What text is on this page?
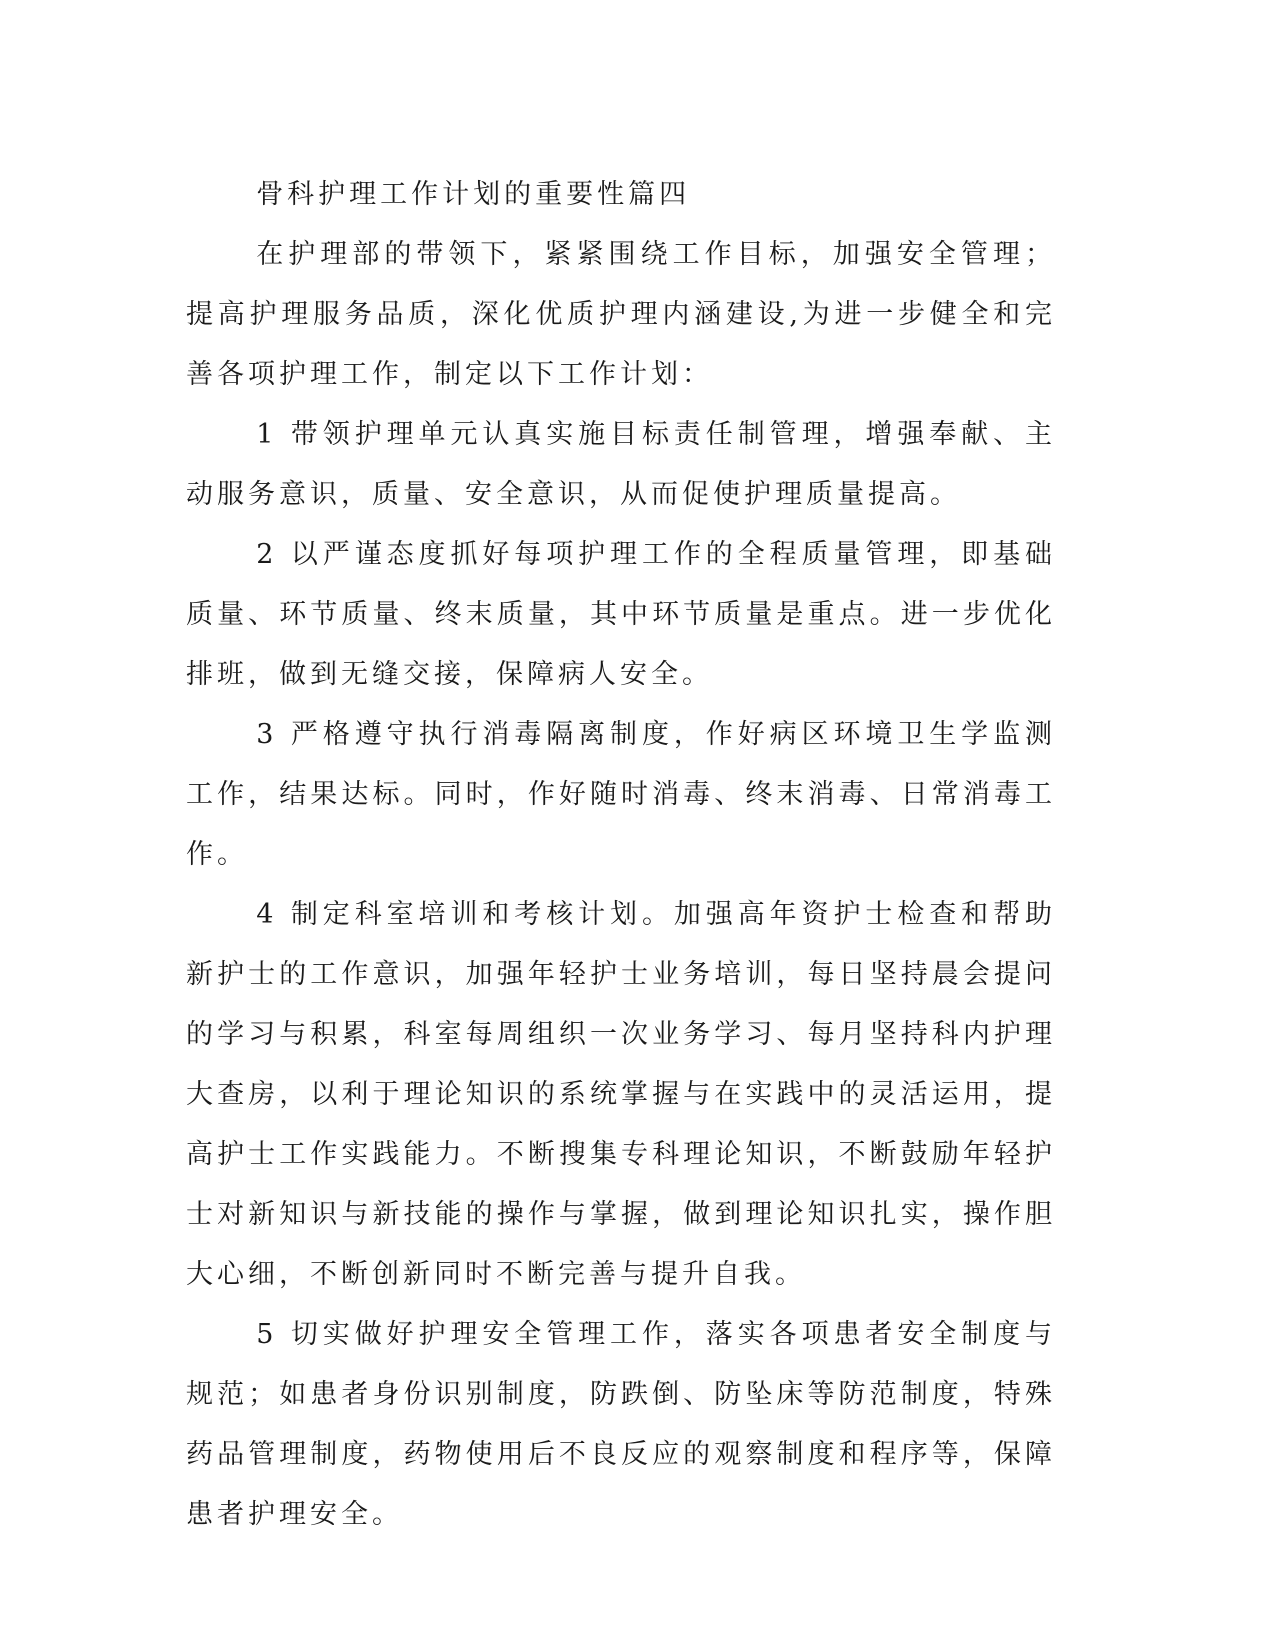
骨科护理工作计划的重要性篇四

在护理部的带领下，紧紧围绕工作目标，加强安全管理；提高护理服务品质，深化优质护理内涵建设,为进一步健全和完善各项护理工作，制定以下工作计划：

1 带领护理单元认真实施目标责任制管理，增强奉献、主动服务意识，质量、安全意识，从而促使护理质量提高。

2 以严谨态度抓好每项护理工作的全程质量管理，即基础质量、环节质量、终末质量，其中环节质量是重点。进一步优化排班，做到无缝交接，保障病人安全。

3 严格遵守执行消毒隔离制度，作好病区环境卫生学监测工作，结果达标。同时，作好随时消毒、终末消毒、日常消毒工作。

4 制定科室培训和考核计划。加强高年资护士检查和帮助新护士的工作意识，加强年轻护士业务培训，每日坚持晨会提问的学习与积累，科室每周组织一次业务学习、每月坚持科内护理大查房，以利于理论知识的系统掌握与在实践中的灵活运用，提高护士工作实践能力。不断搜集专科理论知识，不断鼓励年轻护士对新知识与新技能的操作与掌握，做到理论知识扎实，操作胆大心细，不断创新同时不断完善与提升自我。

5 切实做好护理安全管理工作，落实各项患者安全制度与规范；如患者身份识别制度，防跌倒、防坠床等防范制度，特殊药品管理制度，药物使用后不良反应的观察制度和程序等，保障患者护理安全。
